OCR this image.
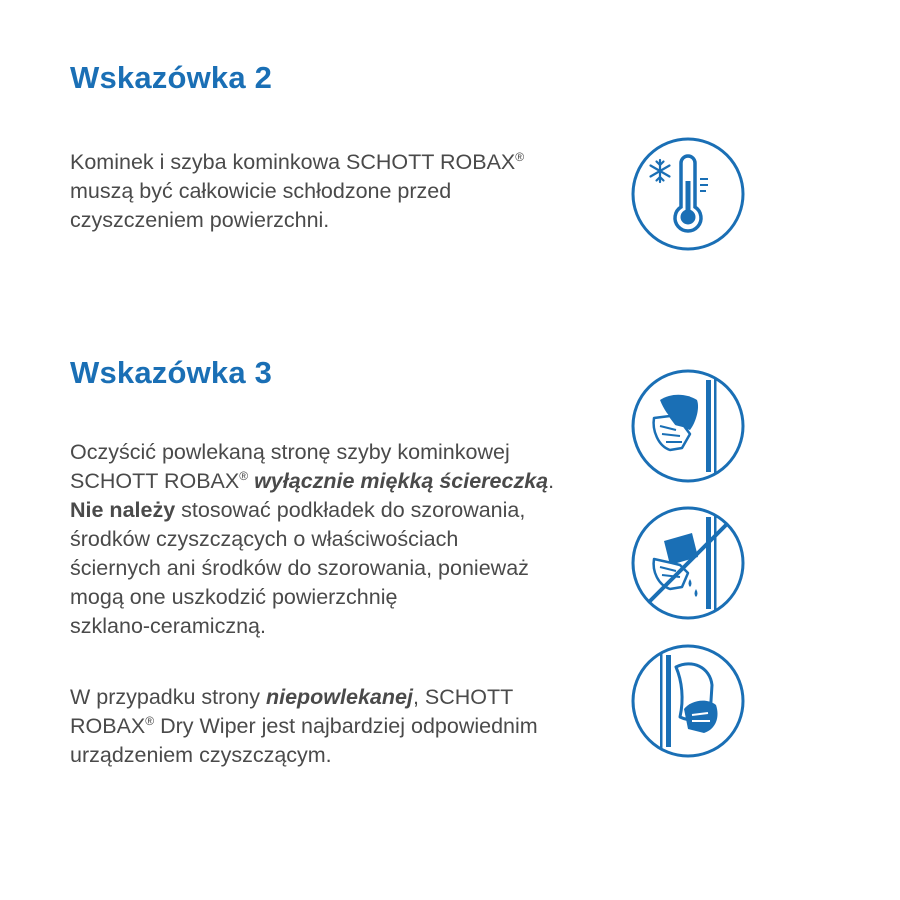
Wskazówka 2

Kominek i szyba kominkowa SCHOTT ROBAX®
muszą być całkowicie schłodzone przed
czyszczeniem powierzchni.

Wskazówka 3

Oczyścić powlekaną stronę szyby kominkowej
SCHOTT ROBAX® wyłącznie miękką ściereczką.
Nie należy stosować podkładek do szorowania,
środków czyszczących o właściwościach
ściernych ani środków do szorowania, ponieważ
mogą one uszkodzić powierzchnię
szklano-ceramiczną.

W przypadku strony niepowlekanej, SCHOTT
ROBAX® Dry Wiper jest najbardziej odpowiednim
urządzeniem czyszczącym.
